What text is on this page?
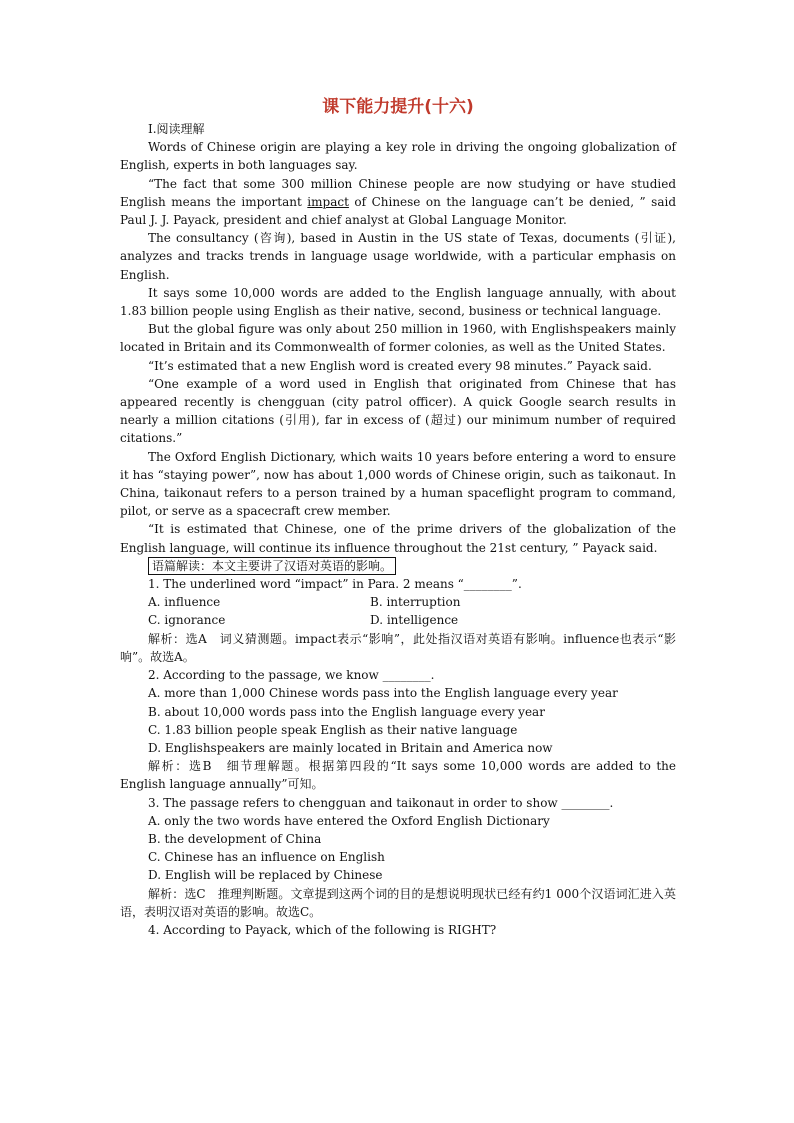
课下能力提升(十六)
Ⅰ.阅读理解
Words of Chinese origin are playing a key role in driving the ongoing globalization of English, experts in both languages say.
“The fact that some 300 million Chinese people are now studying or have studied English means the important impact of Chinese on the language can’t be denied, ” said Paul J. J. Payack, president and chief analyst at Global Language Monitor.
The consultancy (咨询), based in Austin in the US state of Texas, documents (引证), analyzes and tracks trends in language usage worldwide, with a particular emphasis on English.
It says some 10,000 words are added to the English language annually, with about 1.83 billion people using English as their native, second, business or technical language.
But the global figure was only about 250 million in 1960, with Englishspeakers mainly located in Britain and its Commonwealth of former colonies, as well as the United States.
“It’s estimated that a new English word is created every 98 minutes.” Payack said.
“One example of a word used in English that originated from Chinese that has appeared recently is chengguan (city patrol officer). A quick Google search results in nearly a million citations (引用), far in excess of (超过) our minimum number of required citations.”
The Oxford English Dictionary, which waits 10 years before entering a word to ensure it has “staying power”, now has about 1,000 words of Chinese origin, such as taikonaut. In China, taikonaut refers to a person trained by a human spaceflight program to command, pilot, or serve as a spacecraft crew member.
“It is estimated that Chinese, one of the prime drivers of the globalization of the English language, will continue its influence throughout the 21st century, ” Payack said.
语篇解读：本文主要讲了汉语对英语的影响。
1. The underlined word “impact” in Para. 2 means “________”.
A. influence	B. interruption
C. ignorance	D. intelligence
解析：选A　词义猜测题。impact表示“影响”，此处指汉语对英语有影响。influence也表示“影响”。故选A。
2. According to the passage, we know ________.
A. more than 1,000 Chinese words pass into the English language every year
B. about 10,000 words pass into the English language every year
C. 1.83 billion people speak English as their native language
D. Englishspeakers are mainly located in Britain and America now
解析：选B　细节理解题。根据第四段的“It says some 10,000 words are added to the English language annually”可知。
3. The passage refers to chengguan and taikonaut in order to show ________.
A. only the two words have entered the Oxford English Dictionary
B. the development of China
C. Chinese has an influence on English
D. English will be replaced by Chinese
解析：选C　推理判断题。文章提到这两个词的目的是想说明现状已经有约1 000个汉语词汇进入英语，表明汉语对英语的影响。故选C。
4. According to Payack, which of the following is RIGHT?
